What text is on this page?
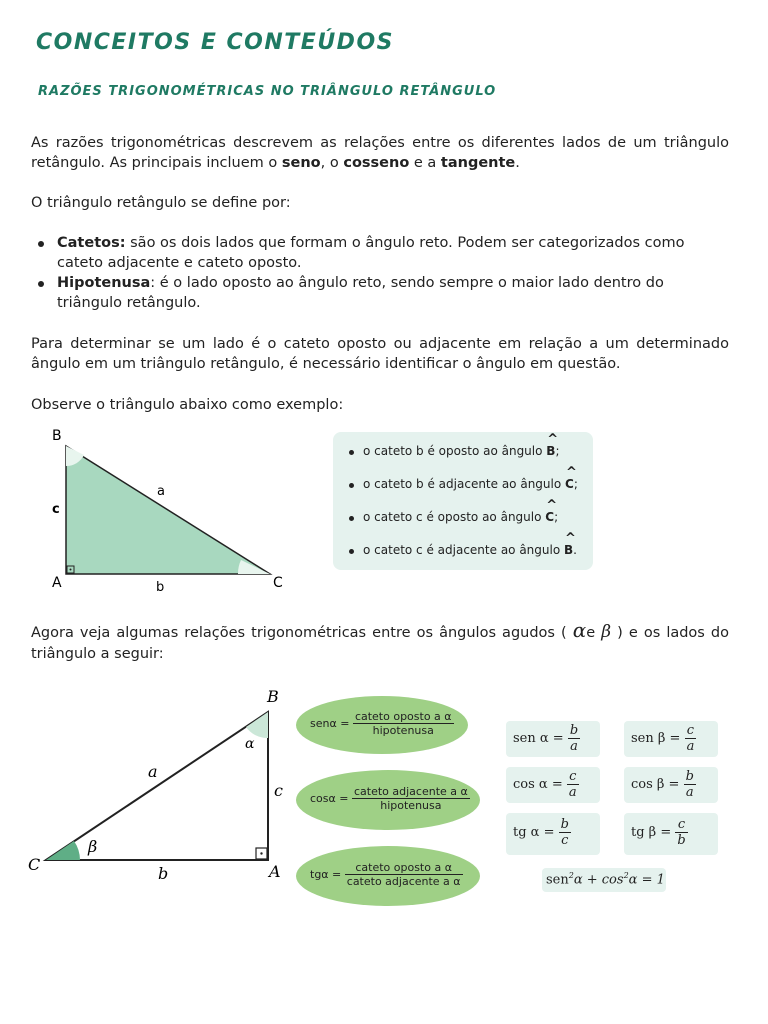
CONCEITOS E CONTEÚDOS
RAZÕES TRIGONOMÉTRICAS NO TRIÂNGULO RETÂNGULO
As razões trigonométricas descrevem as relações entre os diferentes lados de um triângulo retângulo. As principais incluem o seno, o cosseno e a tangente.
O triângulo retângulo se define por:
Catetos: são os dois lados que formam o ângulo reto. Podem ser categorizados como cateto adjacente e cateto oposto.
Hipotenusa: é o lado oposto ao ângulo reto, sendo sempre o maior lado dentro do triângulo retângulo.
Para determinar se um lado é o cateto oposto ou adjacente em relação a um determinado ângulo em um triângulo retângulo, é necessário identificar o ângulo em questão.
Observe o triângulo abaixo como exemplo:
B
A	C
a
b
c
o cateto b é oposto ao ângulo ^ B;
o cateto b é adjacente ao ângulo ^ C;
o cateto c é oposto ao ângulo ^ C;
o cateto c é adjacente ao ângulo ^ B.
Agora veja algumas relações trigonométricas entre os ângulos agudos ( αe β ) e os lados do triângulo a seguir:
B
A
C
a
b
c
α
β
$sen\alpha = \frac{\text{cateto oposto a α}}{\text{hipotenusa}}$
$\cos\alpha = \frac{\text{cateto adjacente a α}}{\text{hipotenusa}}$
$tg\alpha = \frac{\text{cateto oposto a α}}{\text{cateto adjacente a α}}$
sen $\alpha = \frac{b}{a}$	sen $\beta = \frac{c}{a}$
$\cos \alpha = \frac{c}{a}$	$\cos \beta = \frac{b}{a}$
tg $\alpha = \frac{b}{c}$	tg $\beta = \frac{c}{b}$
$sen^2\alpha + \cos^2\alpha = 1$
